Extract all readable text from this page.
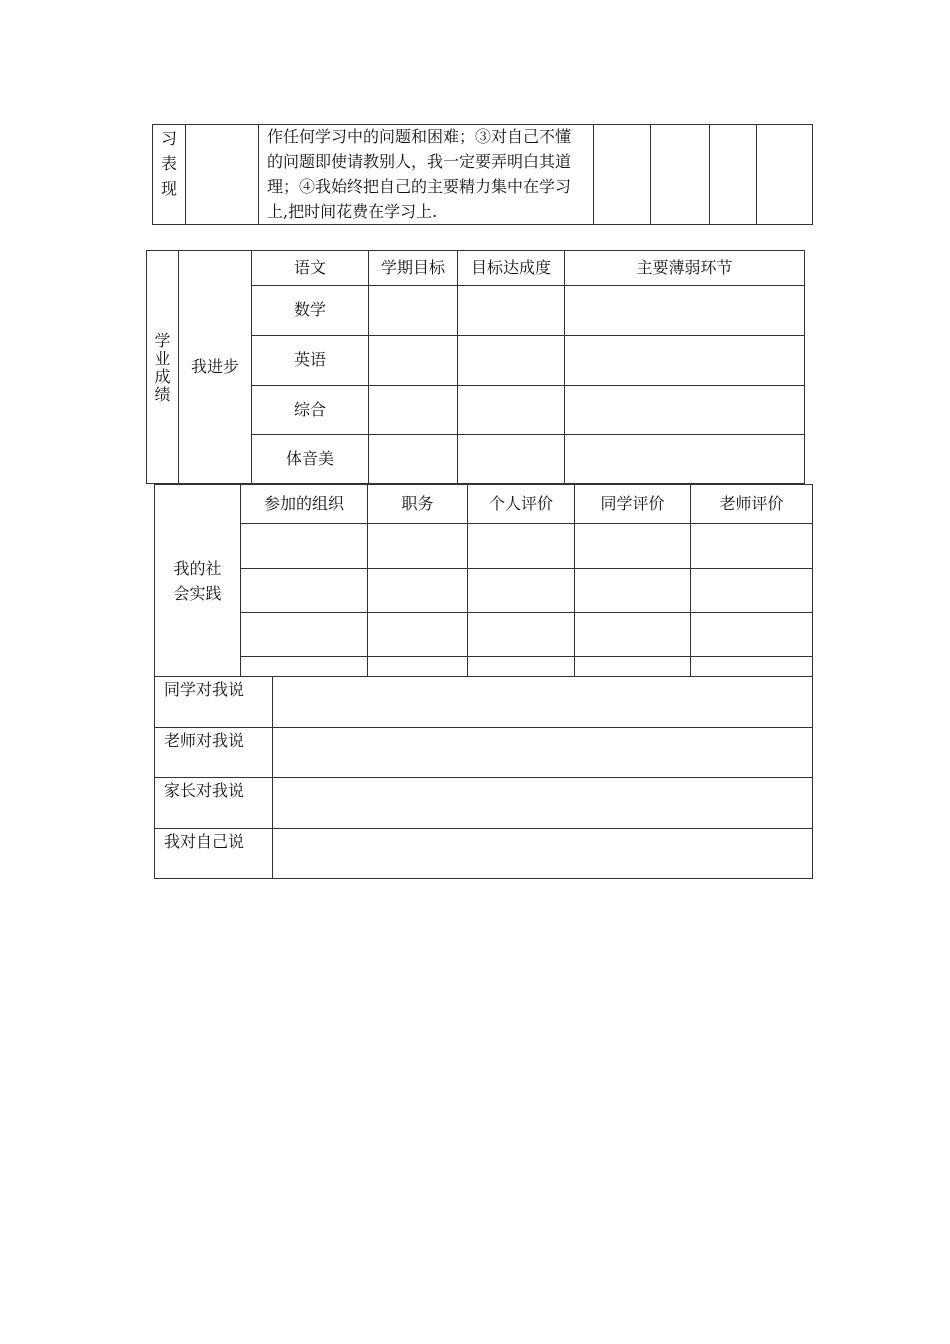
习
表
现
作任何学习中的问题和困难；③对自己不懂
的问题即使请教别人，我一定要弄明白其道
理；④我始终把自己的主要精力集中在学习
上,把时间花费在学习上.
学
业
成
绩
我进步
语文	学期目标	目标达成度	主要薄弱环节
数学
英语
综合
体音美
我的社
会实践
参加的组织	职务	个人评价	同学评价	老师评价
同学对我说
老师对我说
家长对我说
我对自己说
